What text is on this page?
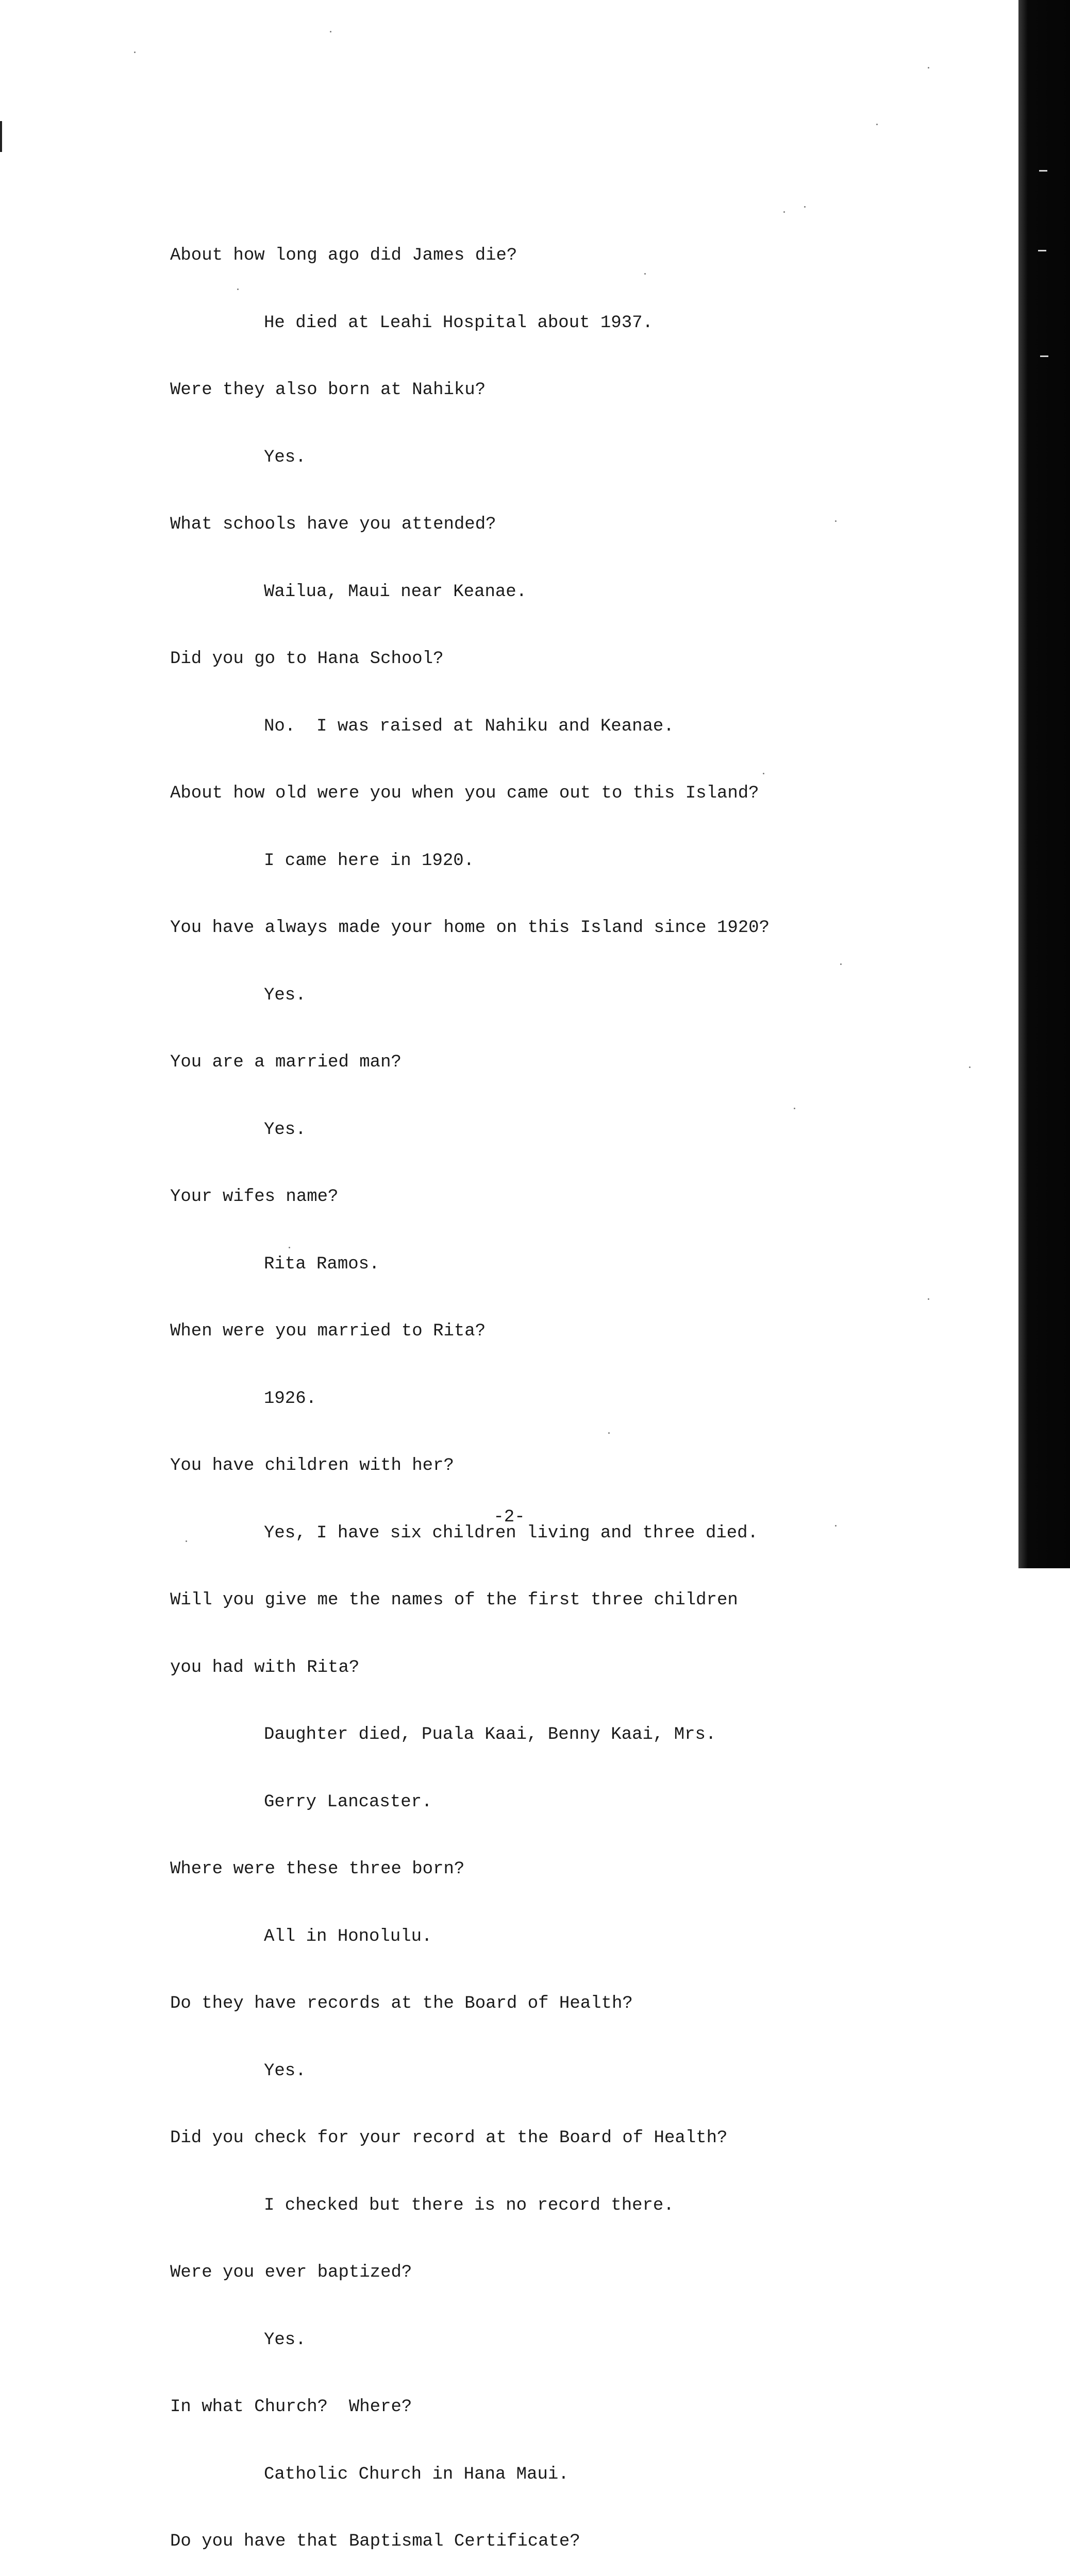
About how long ago did James die?

He died at Leahi Hospital about 1937.

Were they also born at Nahiku?

Yes.

What schools have you attended?

Wailua, Maui near Keanae.

Did you go to Hana School?

No.  I was raised at Nahiku and Keanae.

About how old were you when you came out to this Island?

I came here in 1920.

You have always made your home on this Island since 1920?

Yes.

You are a married man?

Yes.

Your wifes name?

Rita Ramos.

When were you married to Rita?

1926.

You have children with her?

Yes, I have six children living and three died.

Will you give me the names of the first three children

you had with Rita?

Daughter died, Puala Kaai, Benny Kaai, Mrs.

Gerry Lancaster.

Where were these three born?

All in Honolulu.

Do they have records at the Board of Health?

Yes.

Did you check for your record at the Board of Health?

I checked but there is no record there.

Were you ever baptized?

Yes.

In what Church?  Where?

Catholic Church in Hana Maui.

Do you have that Baptismal Certificate?

-2-
